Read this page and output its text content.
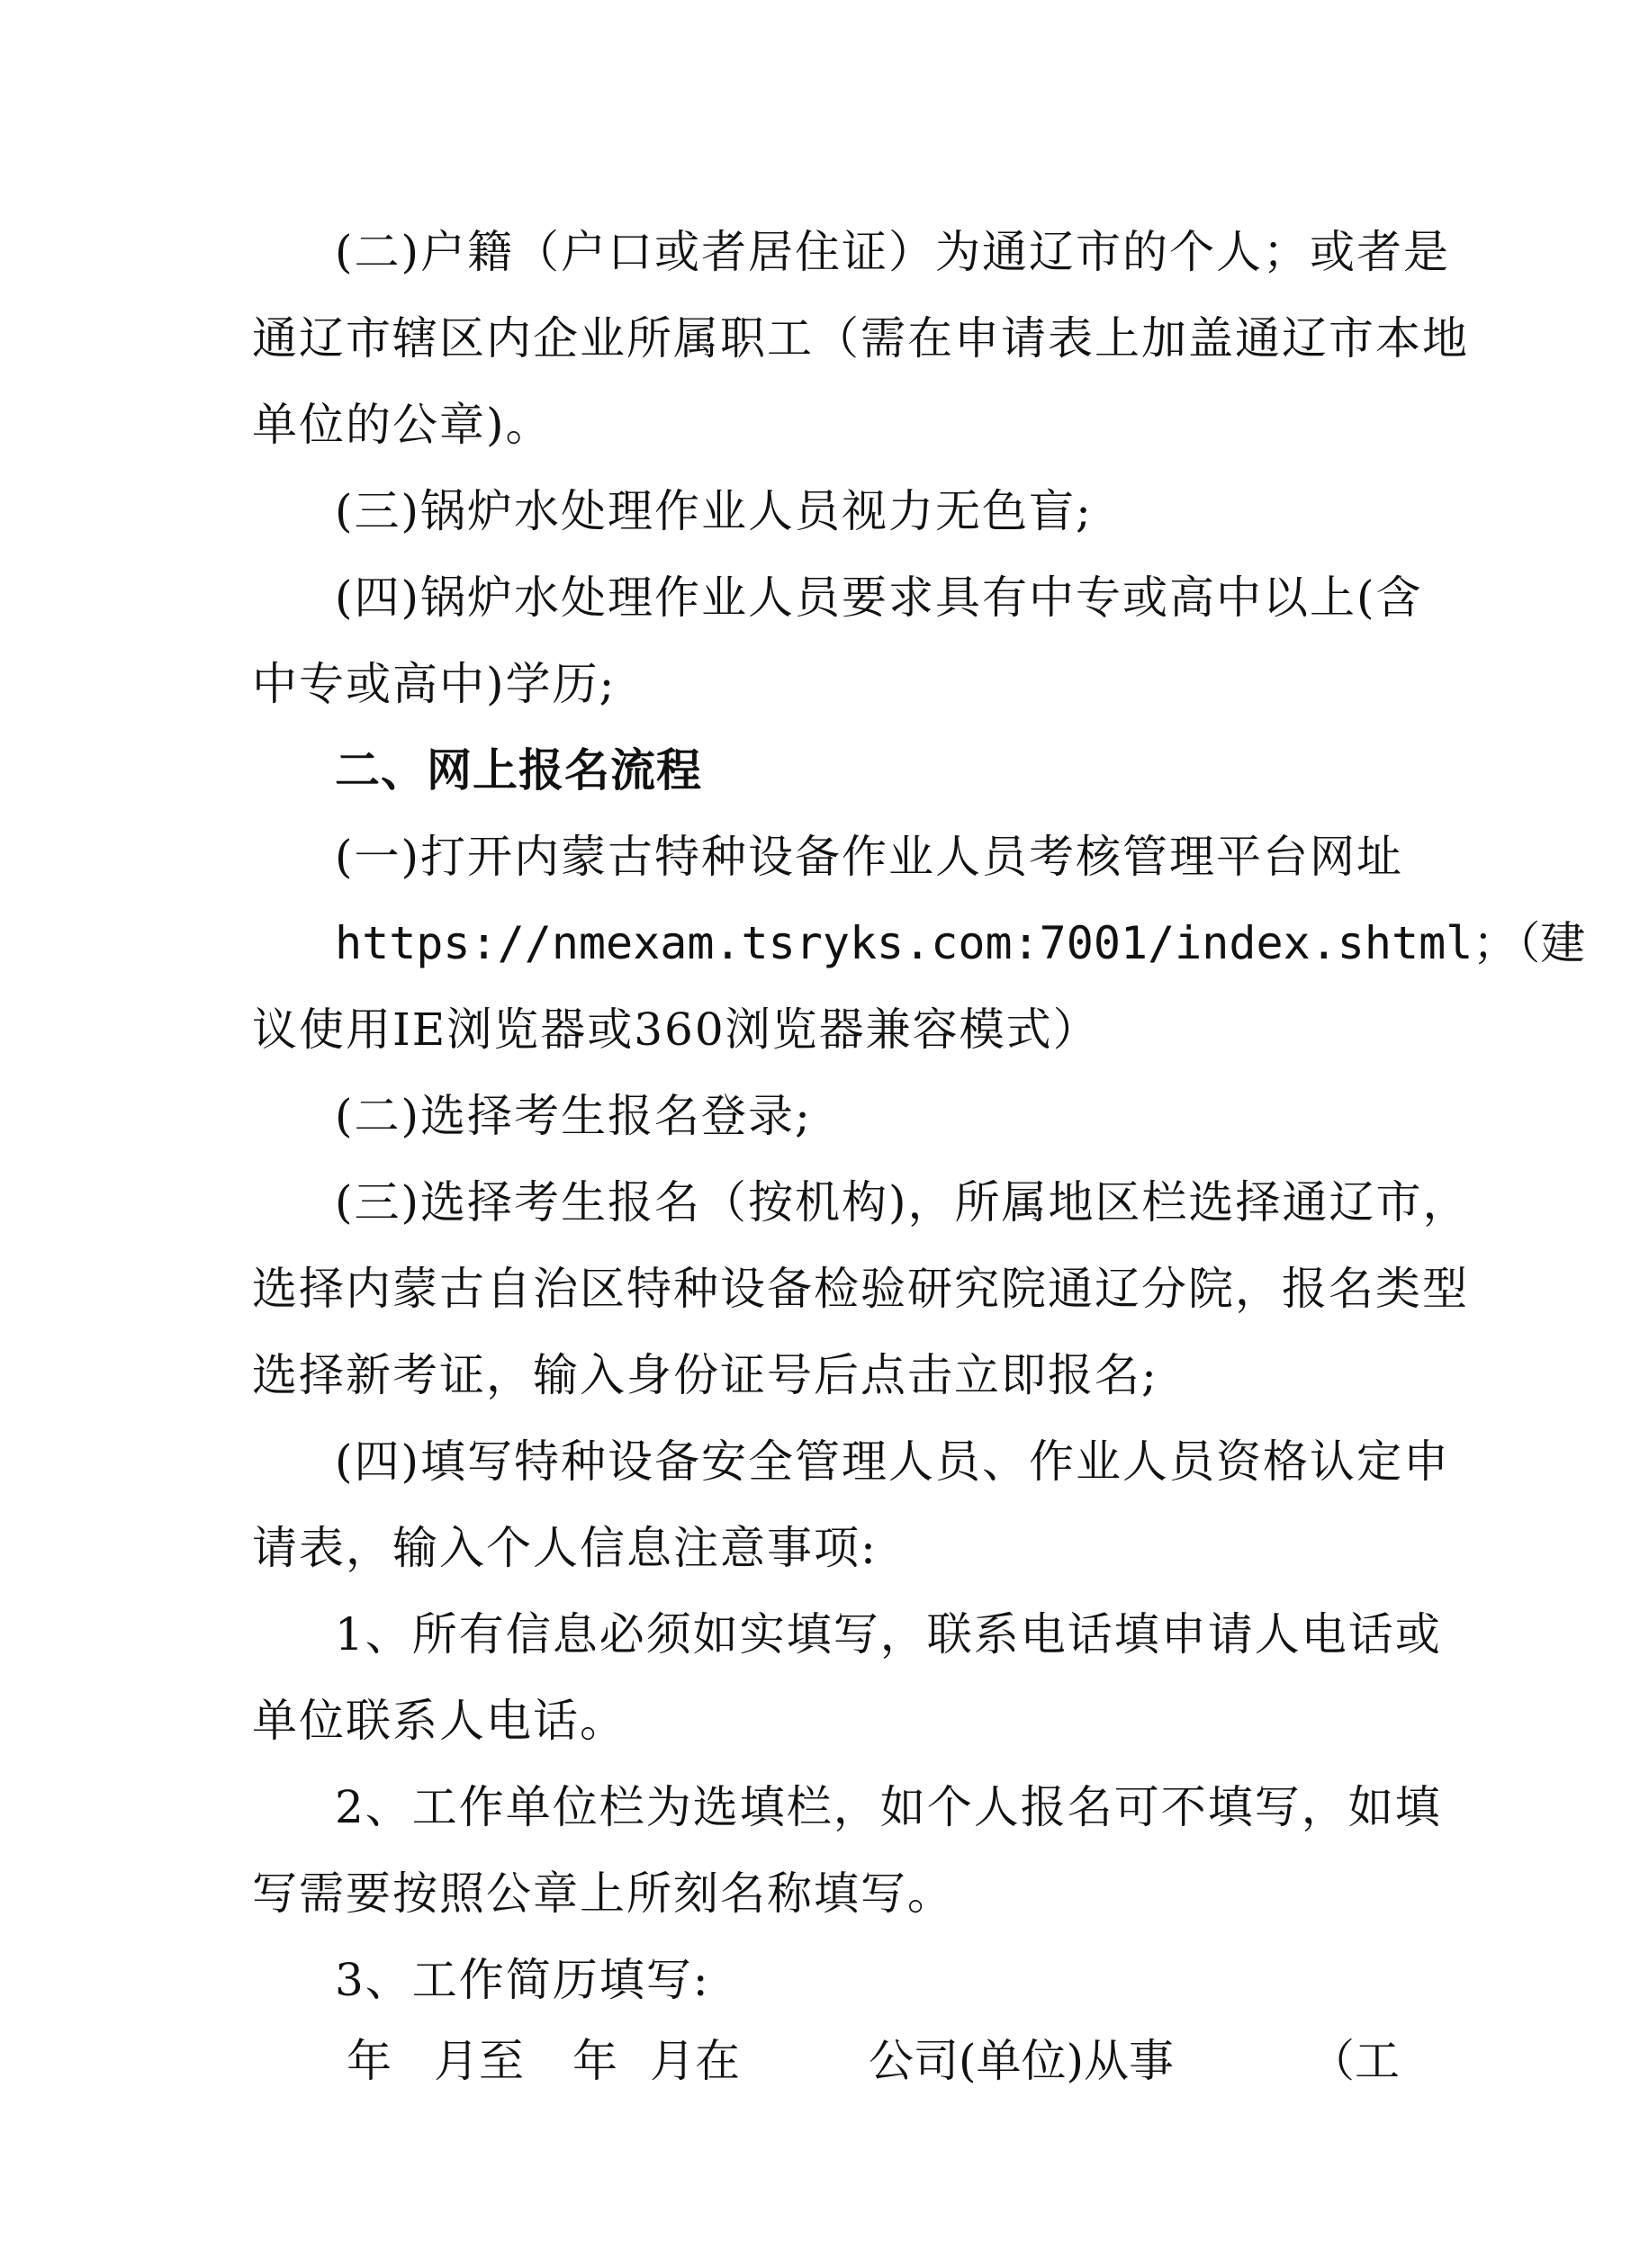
(二)户籍（户口或者居住证）为通辽市的个人；或者是
通辽市辖区内企业所属职工（需在申请表上加盖通辽市本地
单位的公章)。
(三)锅炉水处理作业人员视力无色盲;
(四)锅炉水处理作业人员要求具有中专或高中以上(含
中专或高中)学历;
二、网上报名流程
(一)打开内蒙古特种设备作业人员考核管理平台网址
https://nmexam.tsryks.com:7001/index.shtml；（建
议使用IE浏览器或360浏览器兼容模式）
(二)选择考生报名登录;
(三)选择考生报名（按机构)，所属地区栏选择通辽市，
选择内蒙古自治区特种设备检验研究院通辽分院，报名类型
选择新考证，输入身份证号后点击立即报名;
(四)填写特种设备安全管理人员、作业人员资格认定申
请表，输入个人信息注意事项:
1、所有信息必须如实填写，联系电话填申请人电话或
单位联系人电话。
2、工作单位栏为选填栏，如个人报名可不填写，如填
写需要按照公章上所刻名称填写。
3、工作简历填写:
年 月至 年 月在	公司(单位)从事	（工
